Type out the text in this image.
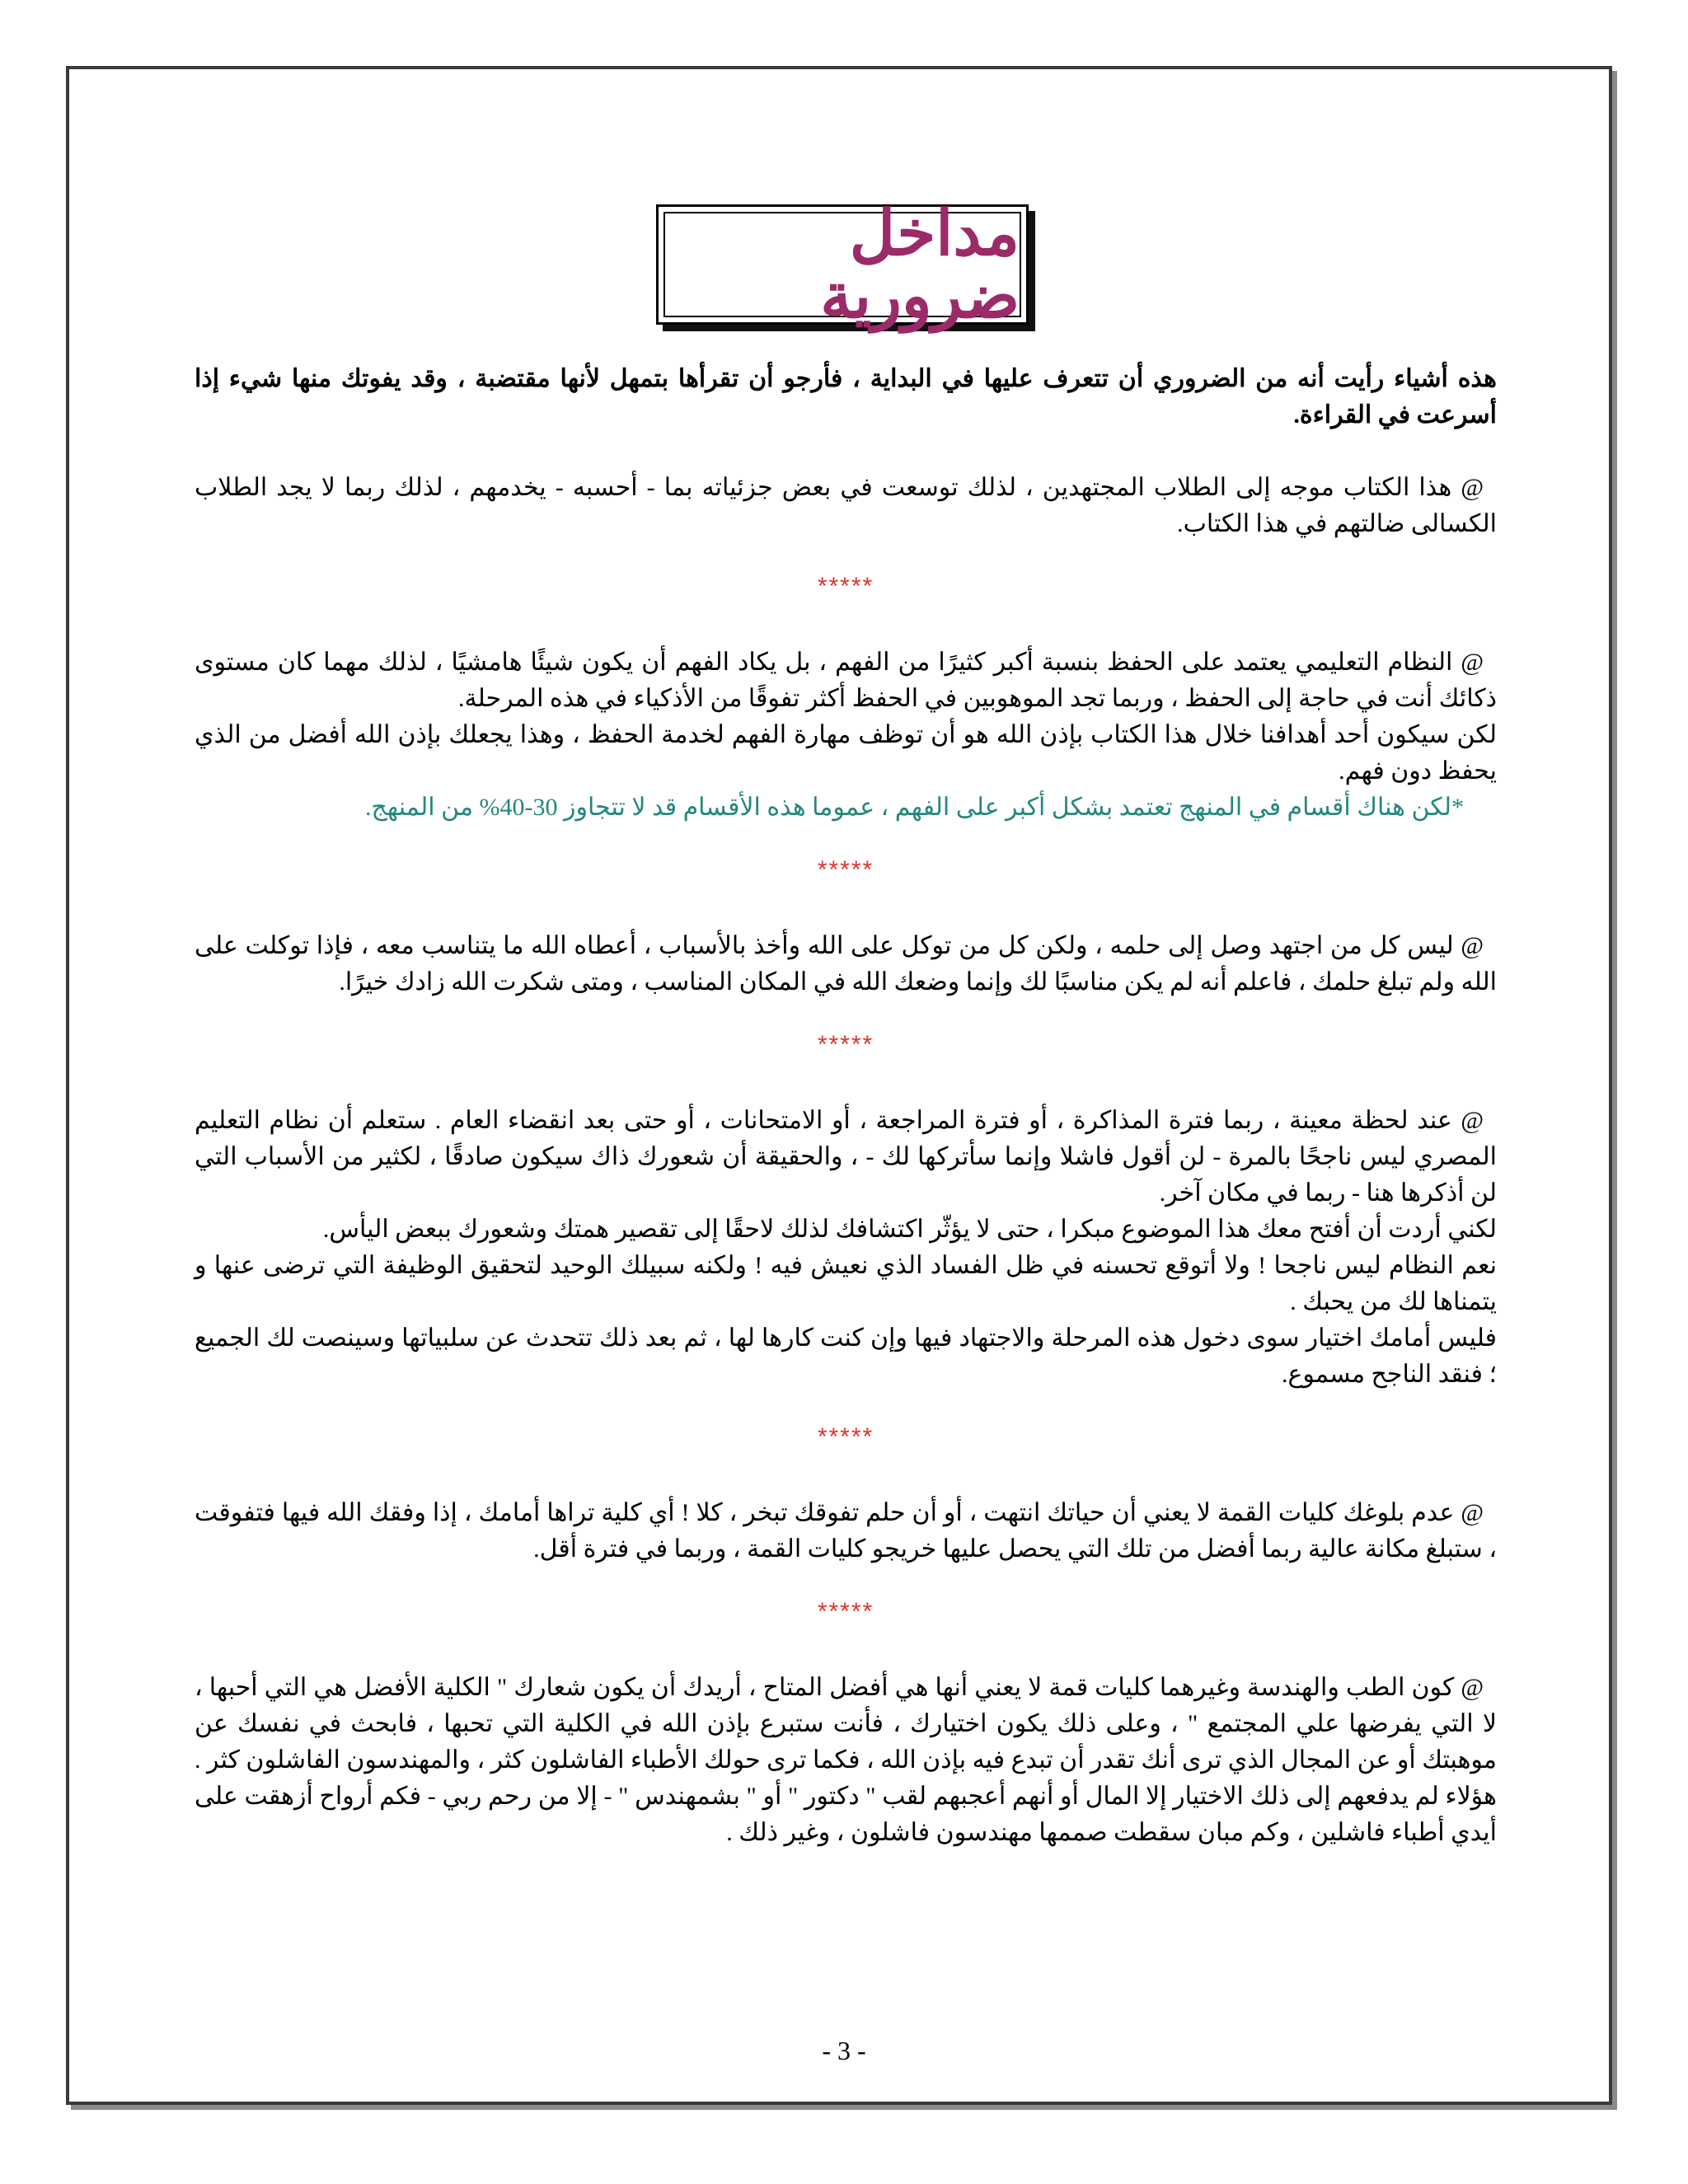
مداخل ضرورية

هذه أشياء رأيت أنه من الضروري أن تتعرف عليها في البداية ، فأرجو أن تقرأها بتمهل لأنها مقتضبة ، وقد يفوتك منها شيء إذا أسرعت في القراءة.

@ هذا الكتاب موجه إلى الطلاب المجتهدين ، لذلك توسعت في بعض جزئياته بما - أحسبه - يخدمهم ، لذلك ربما لا يجد الطلاب الكسالى ضالتهم في هذا الكتاب.

*****

@ النظام التعليمي يعتمد على الحفظ بنسبة أكبر كثيرًا من الفهم ، بل يكاد الفهم أن يكون شيئًا هامشيًا ، لذلك مهما كان مستوى ذكائك أنت في حاجة إلى الحفظ ، وربما تجد الموهوبين في الحفظ أكثر تفوقًا من الأذكياء في هذه المرحلة.

لكن سيكون أحد أهدافنا خلال هذا الكتاب بإذن الله هو أن توظف مهارة الفهم لخدمة الحفظ ، وهذا يجعلك بإذن الله أفضل من الذي يحفظ دون فهم.

*لكن هناك أقسام في المنهج تعتمد بشكل أكبر على الفهم ، عموما هذه الأقسام قد لا تتجاوز 30-40% من المنهج.

*****

@ ليس كل من اجتهد وصل إلى حلمه ، ولكن كل من توكل على الله وأخذ بالأسباب ، أعطاه الله ما يتناسب معه ، فإذا توكلت على الله ولم تبلغ حلمك ، فاعلم أنه لم يكن مناسبًا لك وإنما وضعك الله في المكان المناسب ، ومتى شكرت الله زادك خيرًا.

*****

@ عند لحظة معينة ، ربما فترة المذاكرة ، أو فترة المراجعة ، أو الامتحانات ، أو حتى بعد انقضاء العام . ستعلم أن نظام التعليم المصري ليس ناجحًا بالمرة - لن أقول فاشلا وإنما سأتركها لك - ، والحقيقة أن شعورك ذاك سيكون صادقًا ، لكثير من الأسباب التي لن أذكرها هنا - ربما في مكان آخر.

لكني أردت أن أفتح معك هذا الموضوع مبكرا ، حتى لا يؤثّر اكتشافك لذلك لاحقًا إلى تقصير همتك وشعورك ببعض اليأس.

نعم النظام ليس ناجحا ! ولا أتوقع تحسنه في ظل الفساد الذي نعيش فيه ! ولكنه سبيلك الوحيد لتحقيق الوظيفة التي ترضى عنها و يتمناها لك من يحبك .

فليس أمامك اختيار سوى دخول هذه المرحلة والاجتهاد فيها وإن كنت كارها لها ، ثم بعد ذلك تتحدث عن سلبياتها وسينصت لك الجميع ؛ فنقد الناجح مسموع.

*****

@ عدم بلوغك كليات القمة لا يعني أن حياتك انتهت ، أو أن حلم تفوقك تبخر ، كلا ! أي كلية تراها أمامك ، إذا وفقك الله فيها فتفوقت ، ستبلغ مكانة عالية ربما أفضل من تلك التي يحصل عليها خريجو كليات القمة ، وربما في فترة أقل.

*****

@ كون الطب والهندسة وغيرهما كليات قمة لا يعني أنها هي أفضل المتاح ، أريدك أن يكون شعارك " الكلية الأفضل هي التي أحبها ، لا التي يفرضها علي المجتمع " ، وعلى ذلك يكون اختيارك ، فأنت ستبرع بإذن الله في الكلية التي تحبها ، فابحث في نفسك عن موهبتك أو عن المجال الذي ترى أنك تقدر أن تبدع فيه بإذن الله ، فكما ترى حولك الأطباء الفاشلون كثر ، والمهندسون الفاشلون كثر . هؤلاء لم يدفعهم إلى ذلك الاختيار إلا المال أو أنهم أعجبهم لقب " دكتور " أو " بشمهندس " - إلا من رحم ربي - فكم أرواح أزهقت على أيدي أطباء فاشلين ، وكم مبان سقطت صممها مهندسون فاشلون ، وغير ذلك .

- 3 -
